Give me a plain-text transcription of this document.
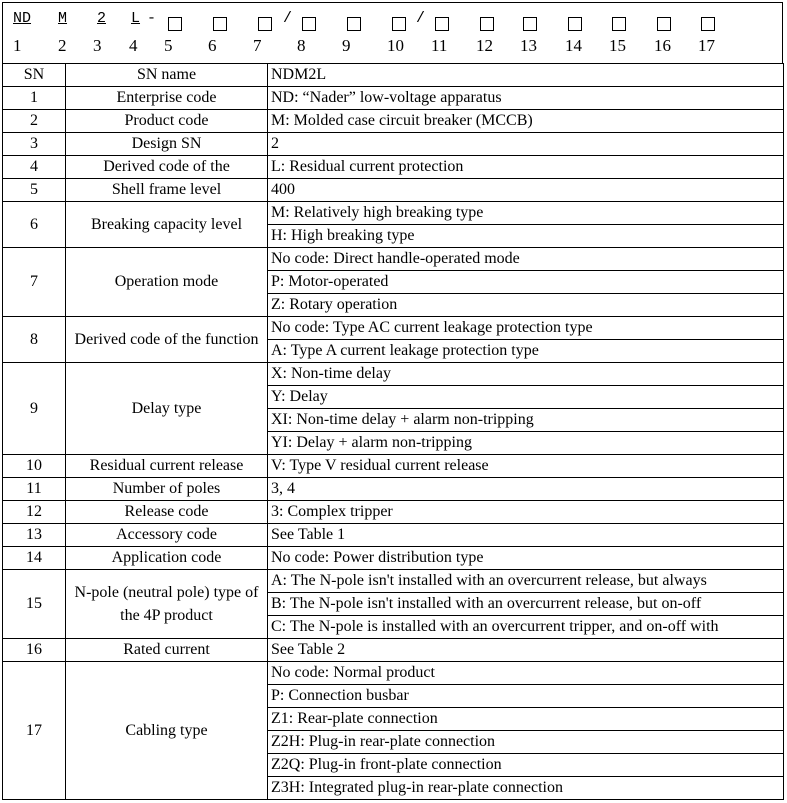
ND M 2 L -	/	/
1 2 3 4 5 6 7 8 9 10 11 12 13 14 15 16 17
SN	SN name	NDM2L
1	Enterprise code	ND: “Nader” low-voltage apparatus
2	Product code	M: Molded case circuit breaker (MCCB)
3	Design SN	2
4	Derived code of the	L: Residual current protection
5	Shell frame level	400
6	Breaking capacity level	M: Relatively high breaking type
		H: High breaking type
7	Operation mode	No code: Direct handle-operated mode
		P: Motor-operated
		Z: Rotary operation
8	Derived code of the function	No code: Type AC current leakage protection type
		A: Type A current leakage protection type
9	Delay type	X: Non-time delay
		Y: Delay
		XI: Non-time delay + alarm non-tripping
		YI: Delay + alarm non-tripping
10	Residual current release	V: Type V residual current release
11	Number of poles	3, 4
12	Release code	3: Complex tripper
13	Accessory code	See Table 1
14	Application code	No code: Power distribution type
15	N-pole (neutral pole) type of the 4P product	A: The N-pole isn't installed with an overcurrent release, but always
		B: The N-pole isn't installed with an overcurrent release, but on-off
		C: The N-pole is installed with an overcurrent tripper, and on-off with
16	Rated current	See Table 2
17	Cabling type	No code: Normal product
		P: Connection busbar
		Z1: Rear-plate connection
		Z2H: Plug-in rear-plate connection
		Z2Q: Plug-in front-plate connection
		Z3H: Integrated plug-in rear-plate connection
